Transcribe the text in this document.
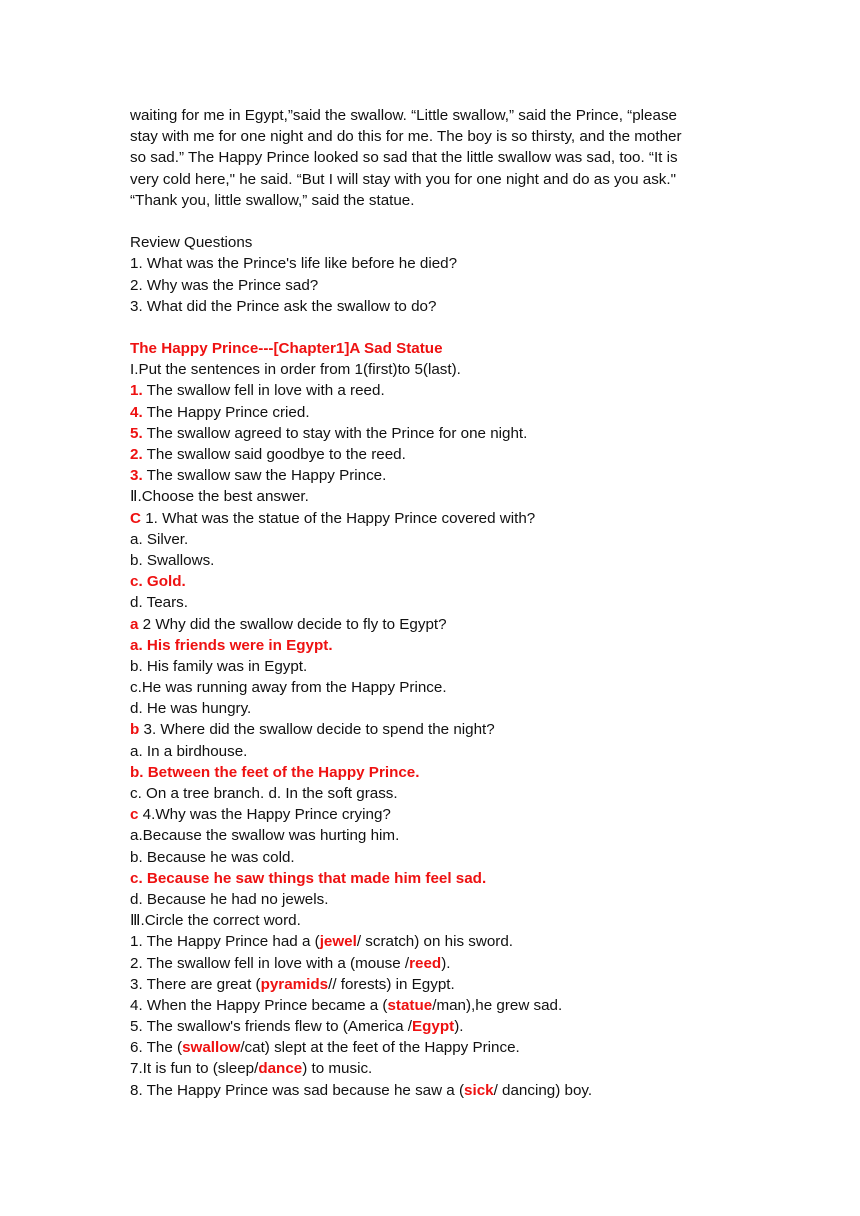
waiting for me in Egypt,”said the swallow. “Little swallow,” said the Prince, “please
stay with me for one night and do this for me. The boy is so thirsty, and the mother
so sad.” The Happy Prince looked so sad that the little swallow was sad, too. “It is
very cold here," he said. “But I will stay with you for one night and do as you ask."
“Thank you, little swallow,” said the statue.
Review Questions
1. What was the Prince's life like before he died?
2. Why was the Prince sad?
3. What did the Prince ask the swallow to do?
The Happy Prince---[Chapter1]A Sad Statue
I.Put the sentences in order from 1(first)to 5(last).
1. The swallow fell in love with a reed.
4. The Happy Prince cried.
5. The swallow agreed to stay with the Prince for one night.
2. The swallow said goodbye to the reed.
3. The swallow saw the Happy Prince.
Ⅱ.Choose the best answer.
C 1. What was the statue of the Happy Prince covered with?
a. Silver.
b. Swallows.
c. Gold.
d. Tears.
a 2 Why did the swallow decide to fly to Egypt?
a. His friends were in Egypt.
b. His family was in Egypt.
c.He was running away from the Happy Prince.
d. He was hungry.
b 3. Where did the swallow decide to spend the night?
a. In a birdhouse.
b. Between the feet of the Happy Prince.
c. On a tree branch. d. In the soft grass.
c 4.Why was the Happy Prince crying?
a.Because the swallow was hurting him.
b. Because he was cold.
c. Because he saw things that made him feel sad.
d. Because he had no jewels.
Ⅲ.Circle the correct word.
1. The Happy Prince had a (jewel/ scratch) on his sword.
2. The swallow fell in love with a (mouse /reed).
3. There are great (pyramids// forests) in Egypt.
4. When the Happy Prince became a (statue/man),he grew sad.
5. The swallow's friends flew to (America /Egypt).
6. The (swallow/cat) slept at the feet of the Happy Prince.
7.It is fun to (sleep/dance) to music.
8. The Happy Prince was sad because he saw a (sick/ dancing) boy.
